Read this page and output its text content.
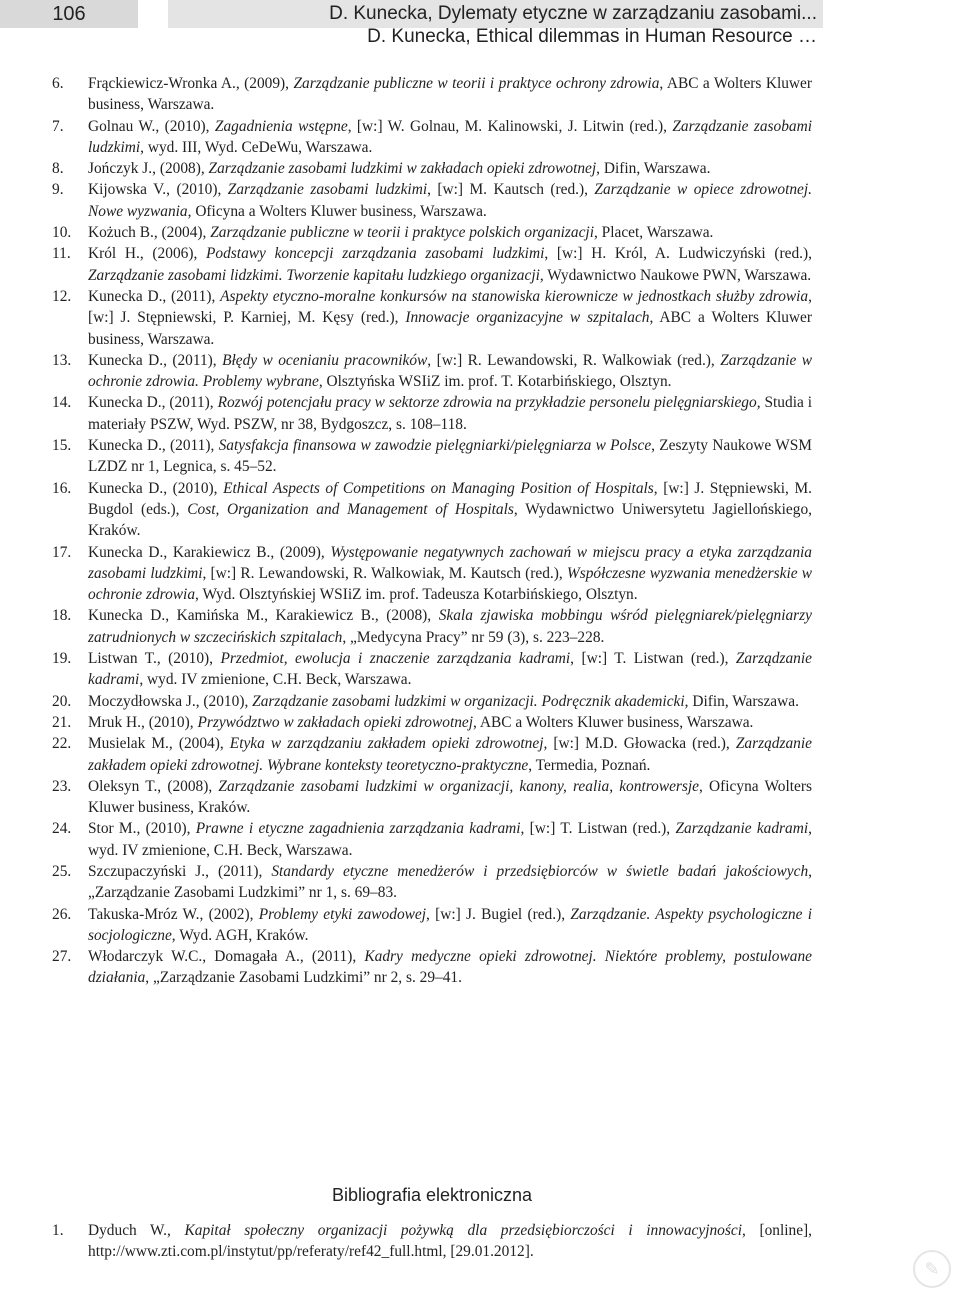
106	D. Kunecka, Dylematy etyczne w zarządzaniu zasobami...
D. Kunecka, Ethical dilemmas in Human Resource …
6.	Frąckiewicz-Wronka A., (2009), Zarządzanie publiczne w teorii i praktyce ochrony zdrowia, ABC a Wolters Kluwer business, Warszawa.
7.	Golnau W., (2010), Zagadnienia wstępne, [w:] W. Golnau, M. Kalinowski, J. Litwin (red.), Zarządzanie zasobami ludzkimi, wyd. III, Wyd. CeDeWu, Warszawa.
8.	Jończyk J., (2008), Zarządzanie zasobami ludzkimi w zakładach opieki zdrowotnej, Difin, Warszawa.
9.	Kijowska V., (2010), Zarządzanie zasobami ludzkimi, [w:] M. Kautsch (red.), Zarządzanie w opiece zdrowotnej. Nowe wyzwania, Oficyna a Wolters Kluwer business, Warszawa.
10.	Kożuch B., (2004), Zarządzanie publiczne w teorii i praktyce polskich organizacji, Placet, Warszawa.
11.	Król H., (2006), Podstawy koncepcji zarządzania zasobami ludzkimi, [w:] H. Król, A. Ludwiczyński (red.), Zarządzanie zasobami lidzkimi. Tworzenie kapitału ludzkiego organizacji, Wydawnictwo Naukowe PWN, Warszawa.
12.	Kunecka D., (2011), Aspekty etyczno-moralne konkursów na stanowiska kierownicze w jednostkach służby zdrowia, [w:] J. Stępniewski, P. Karniej, M. Kęsy (red.), Innowacje organizacyjne w szpitalach, ABC a Wolters Kluwer business, Warszawa.
13.	Kunecka D., (2011), Błędy w ocenianiu pracowników, [w:] R. Lewandowski, R. Walkowiak (red.), Zarządzanie w ochronie zdrowia. Problemy wybrane, Olsztyńska WSIiZ im. prof. T. Kotarbińskiego, Olsztyn.
14.	Kunecka D., (2011), Rozwój potencjału pracy w sektorze zdrowia na przykładzie personelu pielęgniarskiego, Studia i materiały PSZW, Wyd. PSZW, nr 38, Bydgoszcz, s. 108–118.
15.	Kunecka D., (2011), Satysfakcja finansowa w zawodzie pielęgniarki/pielęgniarza w Polsce, Zeszyty Naukowe WSM LZDZ nr 1, Legnica, s. 45–52.
16.	Kunecka D., (2010), Ethical Aspects of Competitions on Managing Position of Hospitals, [w:] J. Stępniewski, M. Bugdol (eds.), Cost, Organization and Management of Hospitals, Wydawnictwo Uniwersytetu Jagiellońskiego, Kraków.
17.	Kunecka D., Karakiewicz B., (2009), Występowanie negatywnych zachowań w miejscu pracy a etyka zarządzania zasobami ludzkimi, [w:] R. Lewandowski, R. Walkowiak, M. Kautsch (red.), Współczesne wyzwania menedżerskie w ochronie zdrowia, Wyd. Olsztyńskiej WSIiZ im. prof. Tadeusza Kotarbińskiego, Olsztyn.
18.	Kunecka D., Kamińska M., Karakiewicz B., (2008), Skala zjawiska mobbingu wśród pielęgniarek/pielęgniarzy zatrudnionych w szczecińskich szpitalach, „Medycyna Pracy” nr 59 (3), s. 223–228.
19.	Listwan T., (2010), Przedmiot, ewolucja i znaczenie zarządzania kadrami, [w:] T. Listwan (red.), Zarządzanie kadrami, wyd. IV zmienione, C.H. Beck, Warszawa.
20.	Moczydłowska J., (2010), Zarządzanie zasobami ludzkimi w organizacji. Podręcznik akademicki, Difin, Warszawa.
21.	Mruk H., (2010), Przywództwo w zakładach opieki zdrowotnej, ABC a Wolters Kluwer business, Warszawa.
22.	Musielak M., (2004), Etyka w zarządzaniu zakładem opieki zdrowotnej, [w:] M.D. Głowacka (red.), Zarządzanie zakładem opieki zdrowotnej. Wybrane konteksty teoretyczno-praktyczne, Termedia, Poznań.
23.	Oleksyn T., (2008), Zarządzanie zasobami ludzkimi w organizacji, kanony, realia, kontrowersje, Oficyna Wolters Kluwer business, Kraków.
24.	Stor M., (2010), Prawne i etyczne zagadnienia zarządzania kadrami, [w:] T. Listwan (red.), Zarządzanie kadrami, wyd. IV zmienione, C.H. Beck, Warszawa.
25.	Szczupaczyński J., (2011), Standardy etyczne menedżerów i przedsiębiorców w świetle badań jakościowych, „Zarządzanie Zasobami Ludzkimi” nr 1, s. 69–83.
26.	Takuska-Mróz W., (2002), Problemy etyki zawodowej, [w:] J. Bugiel (red.), Zarządzanie. Aspekty psychologiczne i socjologiczne, Wyd. AGH, Kraków.
27.	Włodarczyk W.C., Domagała A., (2011), Kadry medyczne opieki zdrowotnej. Niektóre problemy, postulowane działania, „Zarządzanie Zasobami Ludzkimi” nr 2, s. 29–41.
Bibliografia elektroniczna
1.	Dyduch W., Kapitał społeczny organizacji pożywką dla przedsiębiorczości i innowacyjności, [online], http://www.zti.com.pl/instytut/pp/referaty/ref42_full.html, [29.01.2012].
✎
